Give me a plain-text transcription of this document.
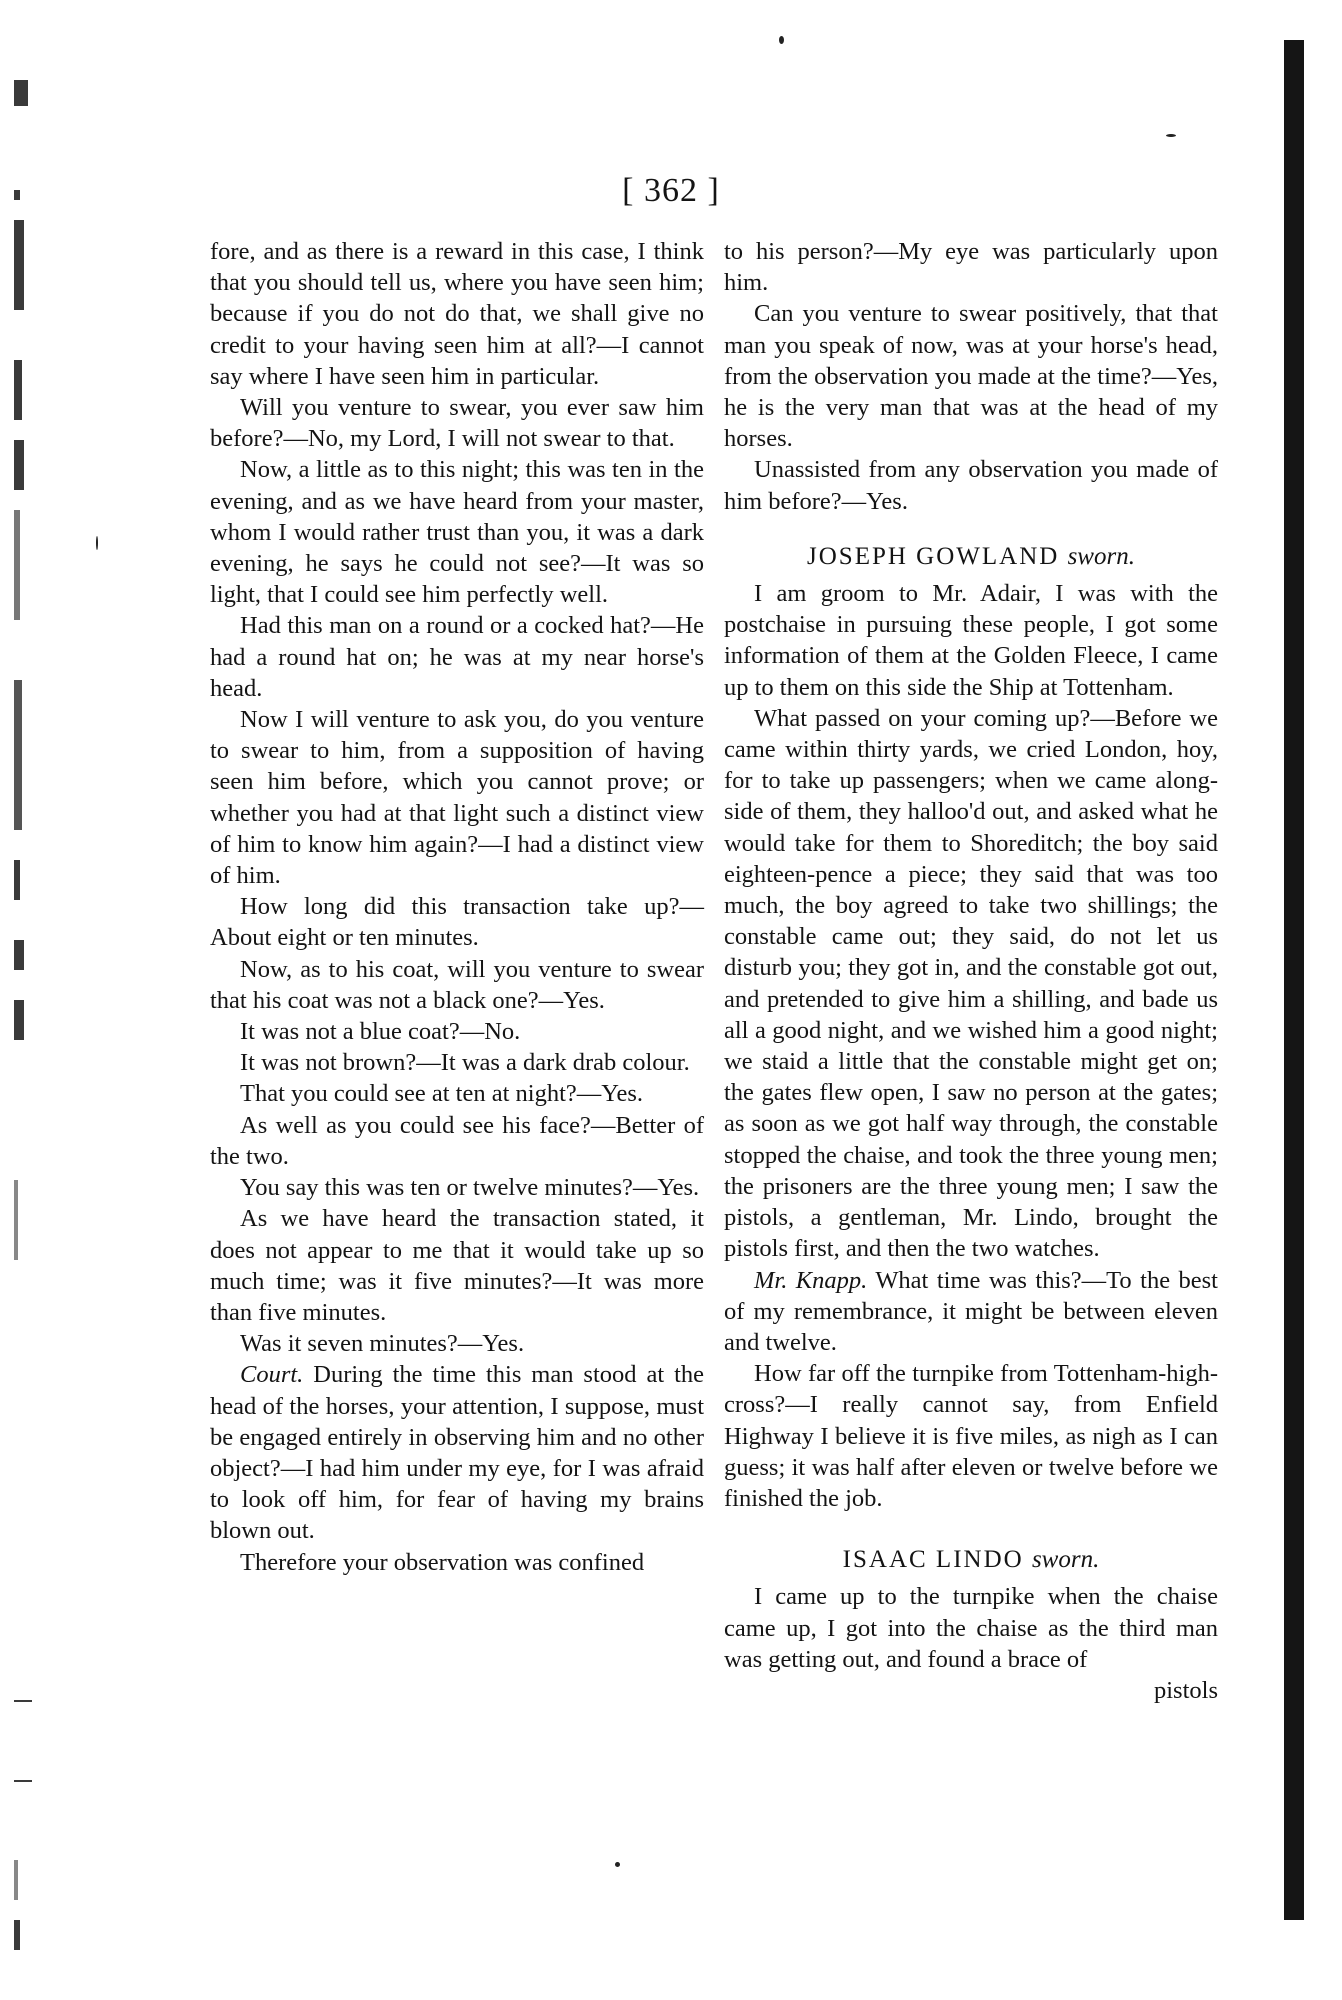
[ 362 ]

fore, and as there is a reward in this case, I think that you should tell us, where you have seen him; because if you do not do that, we shall give no credit to your having seen him at all?—I cannot say where I have seen him in particular.

Will you venture to swear, you ever saw him before?—No, my Lord, I will not swear to that.

Now, a little as to this night; this was ten in the evening, and as we have heard from your master, whom I would rather trust than you, it was a dark evening, he says he could not see?—It was so light, that I could see him perfectly well.

Had this man on a round or a cocked hat?—He had a round hat on; he was at my near horse's head.

Now I will venture to ask you, do you venture to swear to him, from a supposition of having seen him before, which you cannot prove; or whether you had at that light such a distinct view of him to know him again?—I had a distinct view of him.

How long did this transaction take up?—About eight or ten minutes.

Now, as to his coat, will you venture to swear that his coat was not a black one?—Yes.

It was not a blue coat?—No.

It was not brown?—It was a dark drab colour.

That you could see at ten at night?—Yes.

As well as you could see his face?—Better of the two.

You say this was ten or twelve minutes?—Yes.

As we have heard the transaction stated, it does not appear to me that it would take up so much time; was it five minutes?—It was more than five minutes.

Was it seven minutes?—Yes.

Court. During the time this man stood at the head of the horses, your attention, I suppose, must be engaged entirely in observing him and no other object?—I had him under my eye, for I was afraid to look off him, for fear of having my brains blown out.

Therefore your observation was confined

to his person?—My eye was particularly upon him.

Can you venture to swear positively, that that man you speak of now, was at your horse's head, from the observation you made at the time?—Yes, he is the very man that was at the head of my horses.

Unassisted from any observation you made of him before?—Yes.

JOSEPH GOWLAND sworn.

I am groom to Mr. Adair, I was with the postchaise in pursuing these people, I got some information of them at the Golden Fleece, I came up to them on this side the Ship at Tottenham.

What passed on your coming up?—Before we came within thirty yards, we cried London, hoy, for to take up passengers; when we came along-side of them, they halloo'd out, and asked what he would take for them to Shoreditch; the boy said eighteen-pence a piece; they said that was too much, the boy agreed to take two shillings; the constable came out; they said, do not let us disturb you; they got in, and the constable got out, and pretended to give him a shilling, and bade us all a good night, and we wished him a good night; we staid a little that the constable might get on; the gates flew open, I saw no person at the gates; as soon as we got half way through, the constable stopped the chaise, and took the three young men; the prisoners are the three young men; I saw the pistols, a gentleman, Mr. Lindo, brought the pistols first, and then the two watches.

Mr. Knapp. What time was this?—To the best of my remembrance, it might be between eleven and twelve.

How far off the turnpike from Tottenham-high-cross?—I really cannot say, from Enfield Highway I believe it is five miles, as nigh as I can guess; it was half after eleven or twelve before we finished the job.

ISAAC LINDO sworn.

I came up to the turnpike when the chaise came up, I got into the chaise as the third man was getting out, and found a brace of

pistols
